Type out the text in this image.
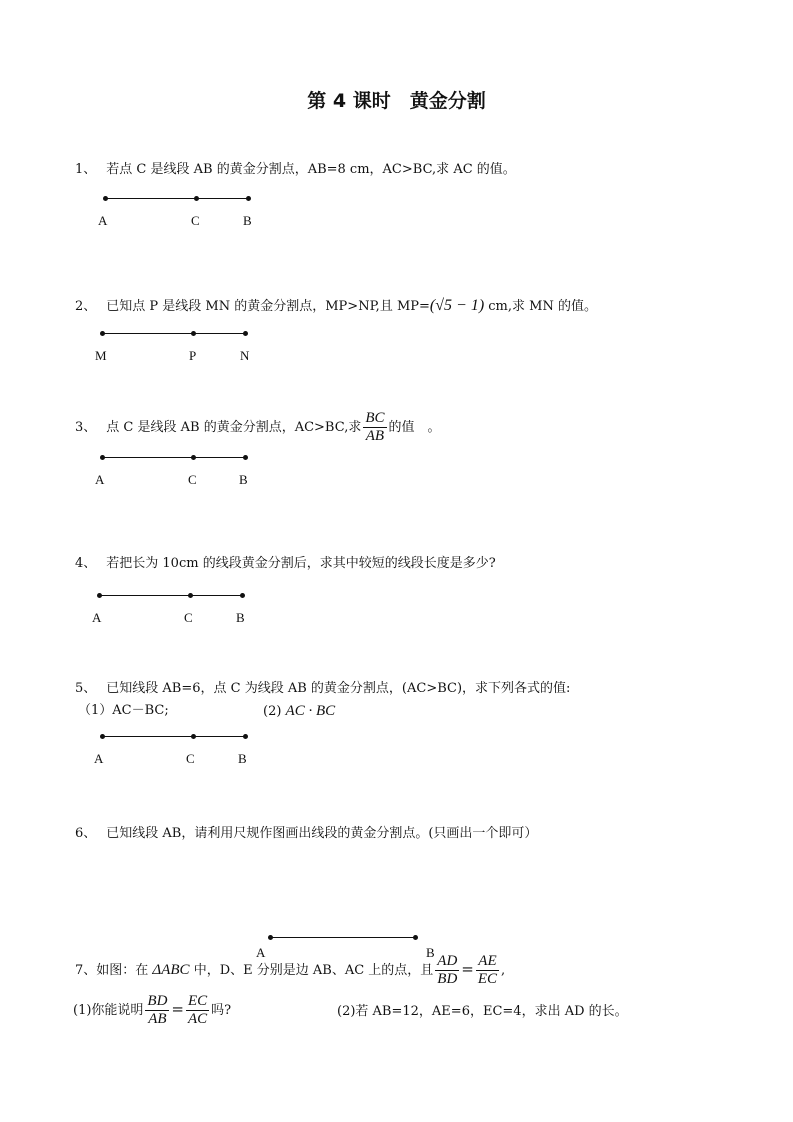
第 4 课时　黄金分割
1、 若点 C 是线段 AB 的黄金分割点，AB=8 cm，AC>BC,求 AC 的值。
A	C	B
2、 已知点 P 是线段 MN 的黄金分割点，MP>NP,且 MP=(√5 − 1) cm,求 MN 的值。
M	P	N
3、 点 C 是线段 AB 的黄金分割点，AC>BC,求 $\frac{BC}{AB}$ 的值　。
A	C	B
4、 若把长为 10cm 的线段黄金分割后，求其中较短的线段长度是多少?
A	C	B
5、 已知线段 AB=6，点 C 为线段 AB 的黄金分割点，(AC>BC)，求下列各式的值:
（1）AC－BC;	(2) AC · BC
A	C	B
6、 已知线段 AB，请利用尺规作图画出线段的黄金分割点。(只画出一个即可）
A	B
7、如图：在 ΔABC 中，D、E 分别是边 AB、AC 上的点，且 $\frac{AD}{BD} = \frac{AE}{EC}$ ,
(1)你能说明 $\frac{BD}{AB} = \frac{EC}{AC}$ 吗?	(2)若 AB=12，AE=6，EC=4，求出 AD 的长。
